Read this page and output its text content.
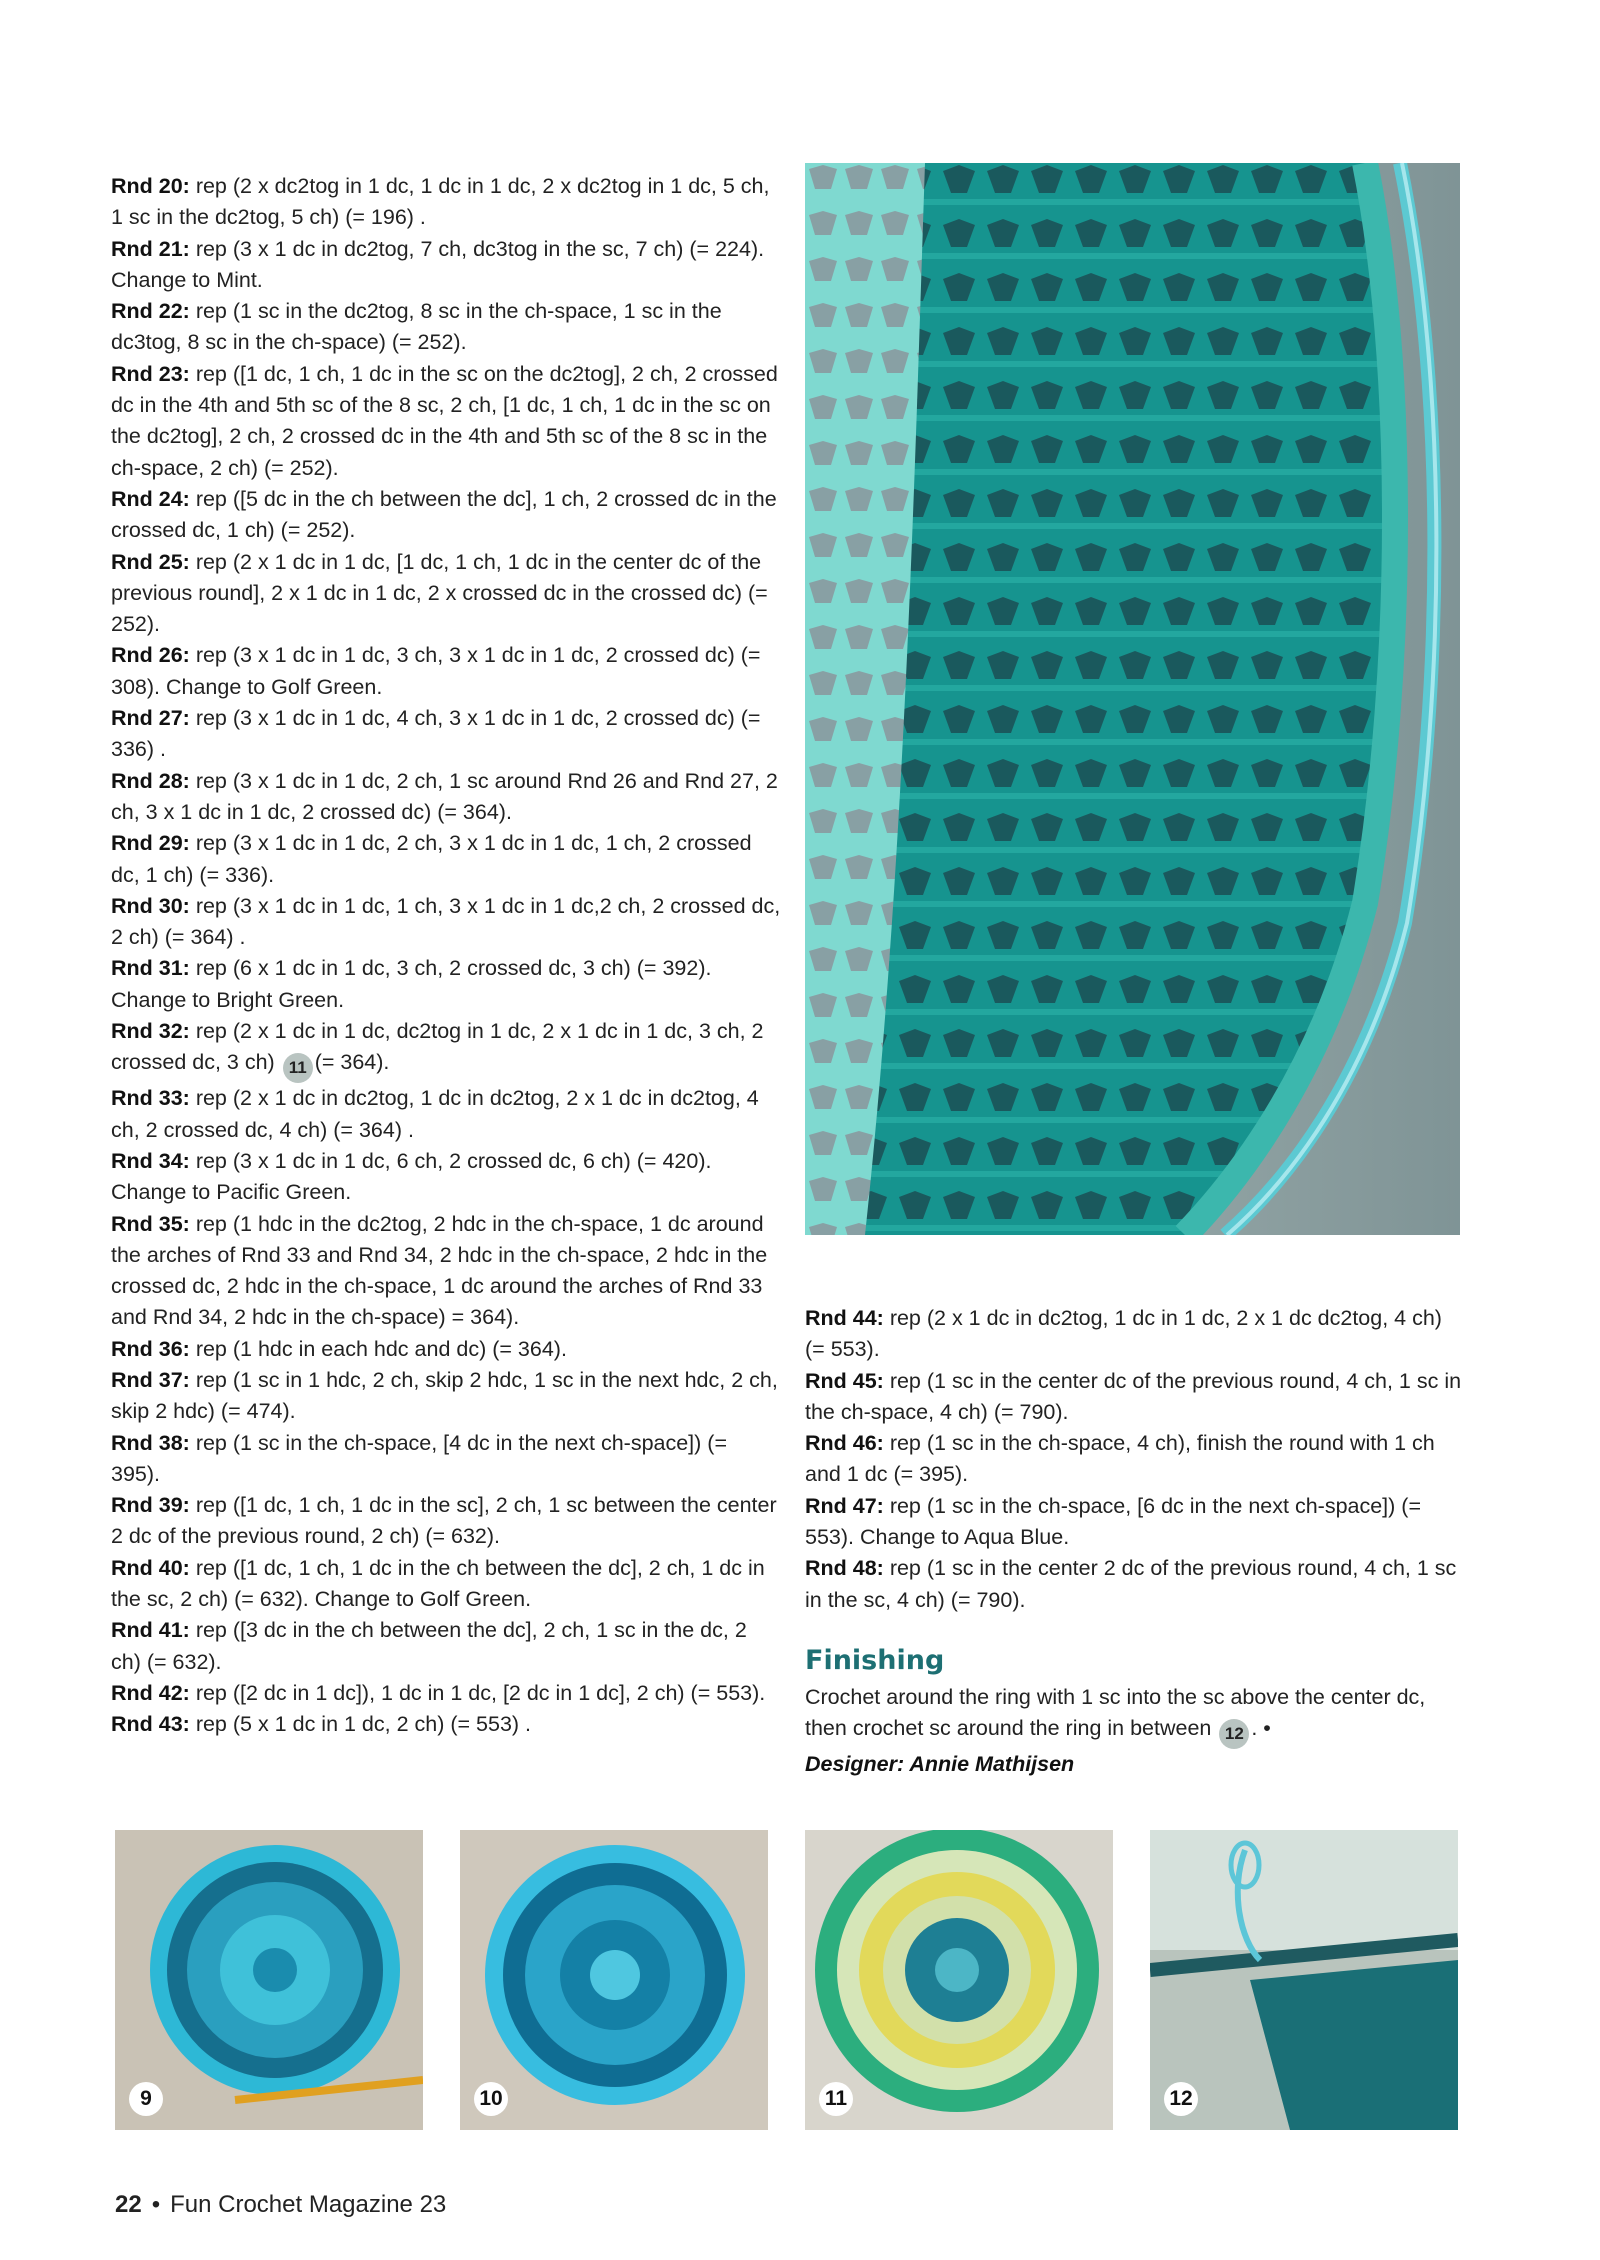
Rnd 20: rep (2 x dc2tog in 1 dc, 1 dc in 1 dc, 2 x dc2tog in 1 dc, 5 ch, 1 sc in the dc2tog, 5 ch) (= 196) .

Rnd 21: rep (3 x 1 dc in dc2tog, 7 ch, dc3tog in the sc, 7 ch) (= 224). Change to Mint.

Rnd 22: rep (1 sc in the dc2tog, 8 sc in the ch-space, 1 sc in the dc3tog, 8 sc in the ch-space) (= 252).

Rnd 23: rep ([1 dc, 1 ch, 1 dc in the sc on the dc2tog], 2 ch, 2 crossed dc in the 4th and 5th sc of the 8 sc, 2 ch, [1 dc, 1 ch, 1 dc in the sc on the dc2tog], 2 ch, 2 crossed dc in the 4th and 5th sc of the 8 sc in the ch-space, 2 ch) (= 252).

Rnd 24: rep ([5 dc in the ch between the dc], 1 ch, 2 crossed dc in the crossed dc, 1 ch) (= 252).

Rnd 25: rep (2 x 1 dc in 1 dc, [1 dc, 1 ch, 1 dc in the center dc of the previous round], 2 x 1 dc in 1 dc, 2 x crossed dc in the crossed dc) (= 252).

Rnd 26: rep (3 x 1 dc in 1 dc, 3 ch, 3 x 1 dc in 1 dc, 2 crossed dc) (= 308). Change to Golf Green.

Rnd 27: rep (3 x 1 dc in 1 dc, 4 ch, 3 x 1 dc in 1 dc, 2 crossed dc) (= 336) .

Rnd 28: rep (3 x 1 dc in 1 dc, 2 ch, 1 sc around Rnd 26 and Rnd 27, 2 ch, 3 x 1 dc in 1 dc, 2 crossed dc) (= 364).

Rnd 29: rep (3 x 1 dc in 1 dc, 2 ch, 3 x 1 dc in 1 dc, 1 ch, 2 crossed dc, 1 ch) (= 336).

Rnd 30: rep (3 x 1 dc in 1 dc, 1 ch, 3 x 1 dc in 1 dc,2 ch, 2 crossed dc, 2 ch) (= 364) .

Rnd 31: rep (6 x 1 dc in 1 dc, 3 ch, 2 crossed dc, 3 ch) (= 392). Change to Bright Green.

Rnd 32: rep (2 x 1 dc in 1 dc, dc2tog in 1 dc, 2 x 1 dc in 1 dc, 3 ch, 2 crossed dc, 3 ch) 11 (= 364).

Rnd 33: rep (2 x 1 dc in dc2tog, 1 dc in dc2tog, 2 x 1 dc in dc2tog, 4 ch, 2 crossed dc, 4 ch) (= 364) .

Rnd 34: rep (3 x 1 dc in 1 dc, 6 ch, 2 crossed dc, 6 ch) (= 420). Change to Pacific Green.

Rnd 35: rep (1 hdc in the dc2tog, 2 hdc in the ch-space, 1 dc around the arches of Rnd 33 and Rnd 34, 2 hdc in the ch-space, 2 hdc in the crossed dc, 2 hdc in the ch-space, 1 dc around the arches of Rnd 33 and Rnd 34, 2 hdc in the ch-space) = 364).

Rnd 36: rep (1 hdc in each hdc and dc) (= 364).

Rnd 37: rep (1 sc in 1 hdc, 2 ch, skip 2 hdc, 1 sc in the next hdc, 2 ch, skip 2 hdc) (= 474).

Rnd 38: rep (1 sc in the ch-space, [4 dc in the next ch-space]) (= 395).

Rnd 39: rep ([1 dc, 1 ch, 1 dc in the sc], 2 ch, 1 sc between the center 2 dc of the previous round, 2 ch) (= 632).

Rnd 40: rep ([1 dc, 1 ch, 1 dc in the ch between the dc], 2 ch, 1 dc in the sc, 2 ch) (= 632). Change to Golf Green.

Rnd 41: rep ([3 dc in the ch between the dc], 2 ch, 1 sc in the dc, 2 ch) (= 632).

Rnd 42: rep ([2 dc in 1 dc]), 1 dc in 1 dc, [2 dc in 1 dc], 2 ch) (= 553).

Rnd 43: rep (5 x 1 dc in 1 dc, 2 ch) (= 553) .

Rnd 44: rep (2 x 1 dc in dc2tog, 1 dc in 1 dc, 2 x 1 dc dc2tog, 4 ch) (= 553).

Rnd 45: rep (1 sc in the center dc of the previous round, 4 ch, 1 sc in the ch-space, 4 ch) (= 790).

Rnd 46: rep (1 sc in the ch-space, 4 ch), finish the round with 1 ch and 1 dc (= 395).

Rnd 47: rep (1 sc in the ch-space, [6 dc in the next ch-space]) (= 553). Change to Aqua Blue.

Rnd 48: rep (1 sc in the center 2 dc of the previous round, 4 ch, 1 sc in the sc, 4 ch) (= 790).

Finishing
Crochet around the ring with 1 sc into the sc above the center dc, then crochet sc around the ring in between 12 . •
Designer: Annie Mathijsen
9	10	11	12
22 • Fun Crochet Magazine 23
